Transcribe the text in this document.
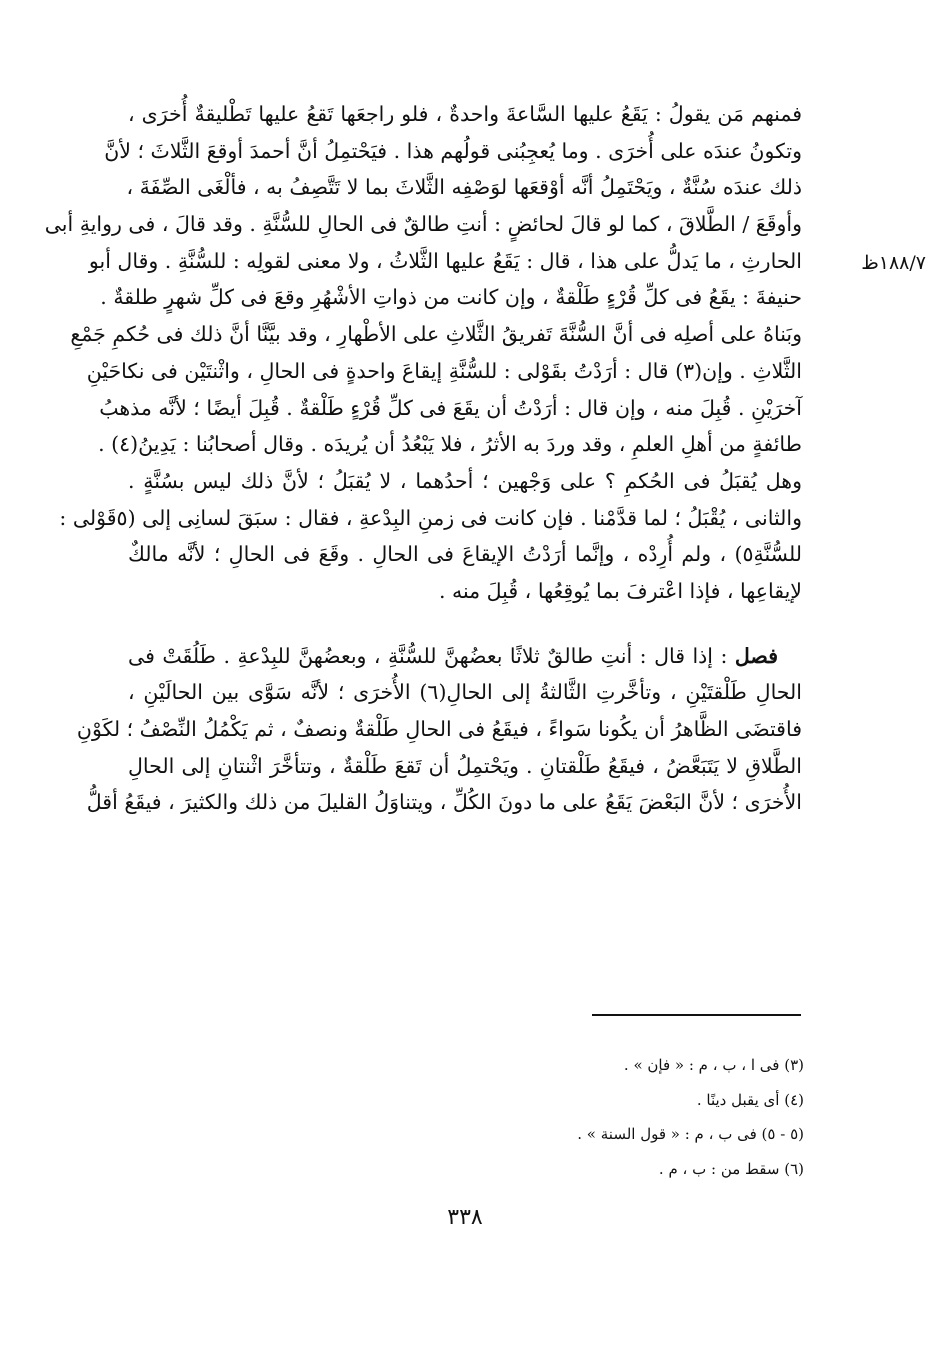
١٨٨/٧ظ
فمنهم مَن يقولُ : يَقَعُ عليها السَّاعةَ واحدةٌ ، فلو راجعَها تَقعُ عليها تَطْليقةٌ أُخرَى ،
وتكونُ عندَه على أُخرَى . وما يُعجِبُنى قولُهم هذا . فيَحْتمِلُ أنَّ أحمدَ أوقعَ الثَّلاثَ ؛ لأنَّ
ذلك عندَه سُنَّةٌ ، ويَحْتَمِلُ أنَّه أوْقعَها لوَصْفِه الثَّلاثَ بما لا تَتَّصِفُ به ، فألْغَى الصِّفَةَ ،
وأوقَعَ / الطَّلاقَ ، كما لو قالَ لحائضٍ : أنتِ طالقٌ فى الحالِ للسُّنَّةِ . وقد قالَ ، فى روايةِ أبى
الحارثِ ، ما يَدلُّ على هذا ، قال : يَقَعُ عليها الثَّلاثُ ، ولا معنى لقولِه : للسُّنَّةِ . وقال أبو
حنيفةَ : يقَعُ فى كلِّ قُرْءٍ طَلْقةٌ ، وإن كانت من ذواتِ الأشْهُرِ وقعَ فى كلِّ شهرٍ طلقةٌ .
وبَناهُ على أصلِه فى أنَّ السُّنَّةَ تَفريقُ الثَّلاثِ على الأطْهارِ ، وقد بيَّنَّا أنَّ ذلك فى حُكمِ جَمْعِ
الثَّلاثِ . وإن(٣) قال : أرَدْتُ بقَوْلى : للسُّنَّةِ إيقاعَ واحدةٍ فى الحالِ ، واثْنتَيْن فى نكاحَيْنِ
آخرَيْنِ . قُبِلَ منه ، وإن قال : أرَدْتُ أن يقَعَ فى كلِّ قُرْءٍ طَلْقةٌ . قُبِلَ أيضًا ؛ لأنَّه مذهبُ
طائفةٍ من أهلِ العلمِ ، وقد وردَ به الأثرُ ، فلا يَبْعُدُ أن يُريدَه . وقال أصحابُنا : يَدِينُ(٤) .
وهل يُقبَلُ فى الحُكمِ ؟ على وَجْهين ؛ أحدُهما ، لا يُقبَلُ ؛ لأنَّ ذلك ليس بسُنَّةٍ .
والثانى ، يُقْبَلُ ؛ لما قدَّمْنا . فإن كانت فى زمنِ البِدْعةِ ، فقال : سبَقَ لسانِى إلى (٥قَوْلى :
للسُّنَّةِ٥) ، ولم أُرِدْه ، وإنَّما أرَدْتُ الإيقاعَ فى الحالِ . وقَعَ فى الحالِ ؛ لأنَّه مالكٌ
لإيقاعِها ، فإذا اعْترفَ بما يُوقِعُها ، قُبِلَ منه .
فصل : إذا قال : أنتِ طالقٌ ثلاثًا بعضُهنَّ للسُّنَّةِ ، وبعضُهنَّ للبِدْعةِ . طَلُقَتْ فى
الحالِ طَلْقتَيْنِ ، وتأخَّرتِ الثَّالثةُ إلى الحالِ(٦) الأُخرَى ؛ لأنَّه سَوَّى بين الحالَيْنِ ،
فاقتضَى الظَّاهرُ أن يكُونا سَواءً ، فيقَعُ فى الحالِ طَلْقةٌ ونصفٌ ، ثم يَكْمُلُ النِّصْفُ ؛ لكَوْنِ
الطَّلاقِ لا يَتَبَعَّضُ ، فيقَعُ طَلْقتانِ . ويَحْتمِلُ أن تَقعَ طَلْقةٌ ، وتتأخَّرَ اثْنتانِ إلى الحالِ
الأُخرَى ؛ لأنَّ البَعْضَ يَقَعُ على ما دونَ الكُلِّ ، ويتناوَلُ القليلَ من ذلك والكثيرَ ، فيقَعُ أقلُّ
(٣) فى ا ، ب ، م : « فإن » .
(٤) أى يقبل دينًا .
(٥ - ٥) فى ب ، م : « قول السنة » .
(٦) سقط من : ب ، م .
٣٣٨
